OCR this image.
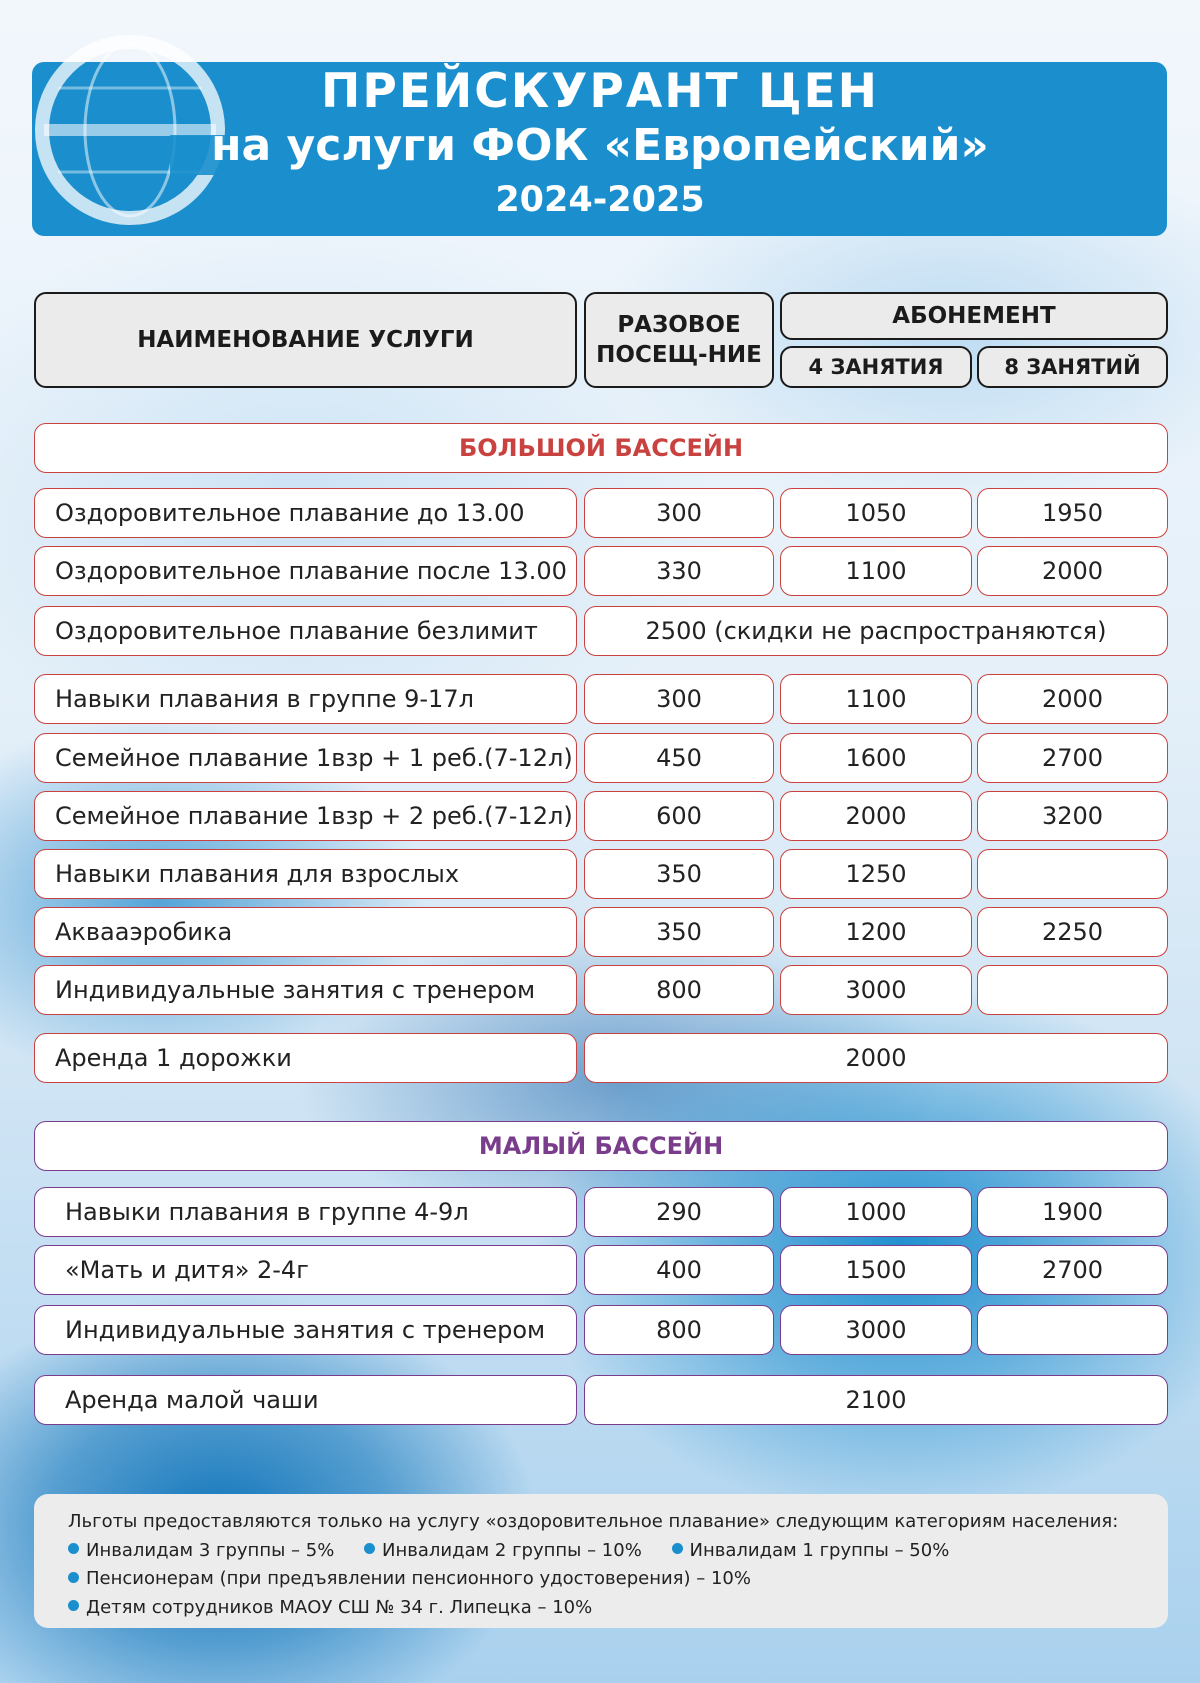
ПРЕЙСКУРАНТ ЦЕН
на услуги ФОК «Европейский»
2024-2025
НАИМЕНОВАНИЕ УСЛУГИ
РАЗОВОЕ
ПОСЕЩ-НИЕ
АБОНЕМЕНТ
4 ЗАНЯТИЯ	8 ЗАНЯТИЙ
БОЛЬШОЙ БАССЕЙН
Оздоровительное плавание до 13.00	300	1050	1950
Оздоровительное плавание после 13.00	330	1100	2000
Оздоровительное плавание безлимит	2500 (скидки не распространяются)
Навыки плавания в группе 9-17л	300	1100	2000
Семейное плавание 1взр + 1 реб.(7-12л)	450	1600	2700
Семейное плавание 1взр + 2 реб.(7-12л)	600	2000	3200
Навыки плавания для взрослых	350	1250
Аквааэробика	350	1200	2250
Индивидуальные занятия с тренером	800	3000
Аренда 1 дорожки	2000
МАЛЫЙ БАССЕЙН
Навыки плавания в группе 4-9л	290	1000	1900
«Мать и дитя» 2-4г	400	1500	2700
Индивидуальные занятия с тренером	800	3000
Аренда малой чаши	2100
Льготы предоставляются только на услугу «оздоровительное плавание» следующим категориям населения:
Инвалидам 3 группы – 5%	Инвалидам 2 группы – 10%	Инвалидам 1 группы – 50%
Пенсионерам (при предъявлении пенсионного удостоверения) – 10%
Детям сотрудников МАОУ СШ № 34 г. Липецка – 10%
